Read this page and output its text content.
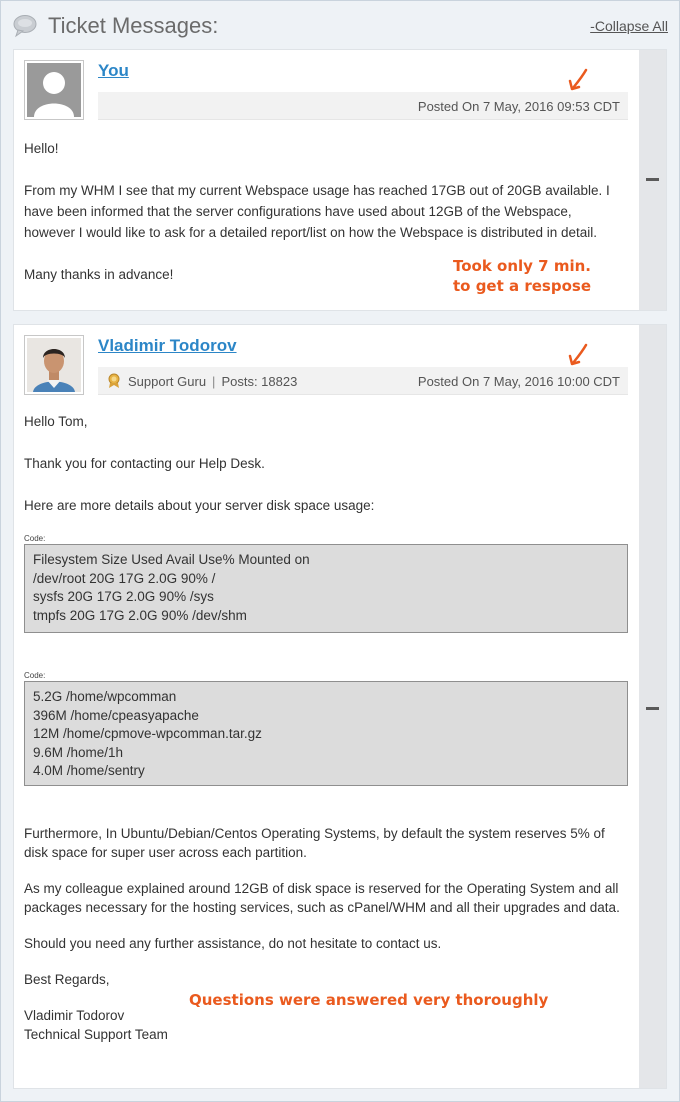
Ticket Messages:	-Collapse All
You
Posted On 7 May, 2016 09:53 CDT

Hello!

From my WHM I see that my current Webspace usage has reached 17GB out of 20GB available. I have been informed that the server configurations have used about 12GB of the Webspace, however I would like to ask for a detailed report/list on how the Webspace is distributed in detail.

Many thanks in advance!

Vladimir Todorov
Support Guru | Posts: 18823	Posted On 7 May, 2016 10:00 CDT

Hello Tom,

Thank you for contacting our Help Desk.

Here are more details about your server disk space usage:

Code:
Filesystem Size Used Avail Use% Mounted on
/dev/root 20G 17G 2.0G 90% /
sysfs 20G 17G 2.0G 90% /sys
tmpfs 20G 17G 2.0G 90% /dev/shm
Code:
5.2G /home/wpcomman
396M /home/cpeasyapache
12M /home/cpmove-wpcomman.tar.gz
9.6M /home/1h
4.0M /home/sentry

Furthermore, In Ubuntu/Debian/Centos Operating Systems, by default the system reserves 5% of disk space for super user across each partition.

As my colleague explained around 12GB of disk space is reserved for the Operating System and all packages necessary for the hosting services, such as cPanel/WHM and all their upgrades and data.

Should you need any further assistance, do not hesitate to contact us.

Best Regards,

Vladimir Todorov

Technical Support Team

Took only 7 min.
to get a respose
Questions were answered very thoroughly
